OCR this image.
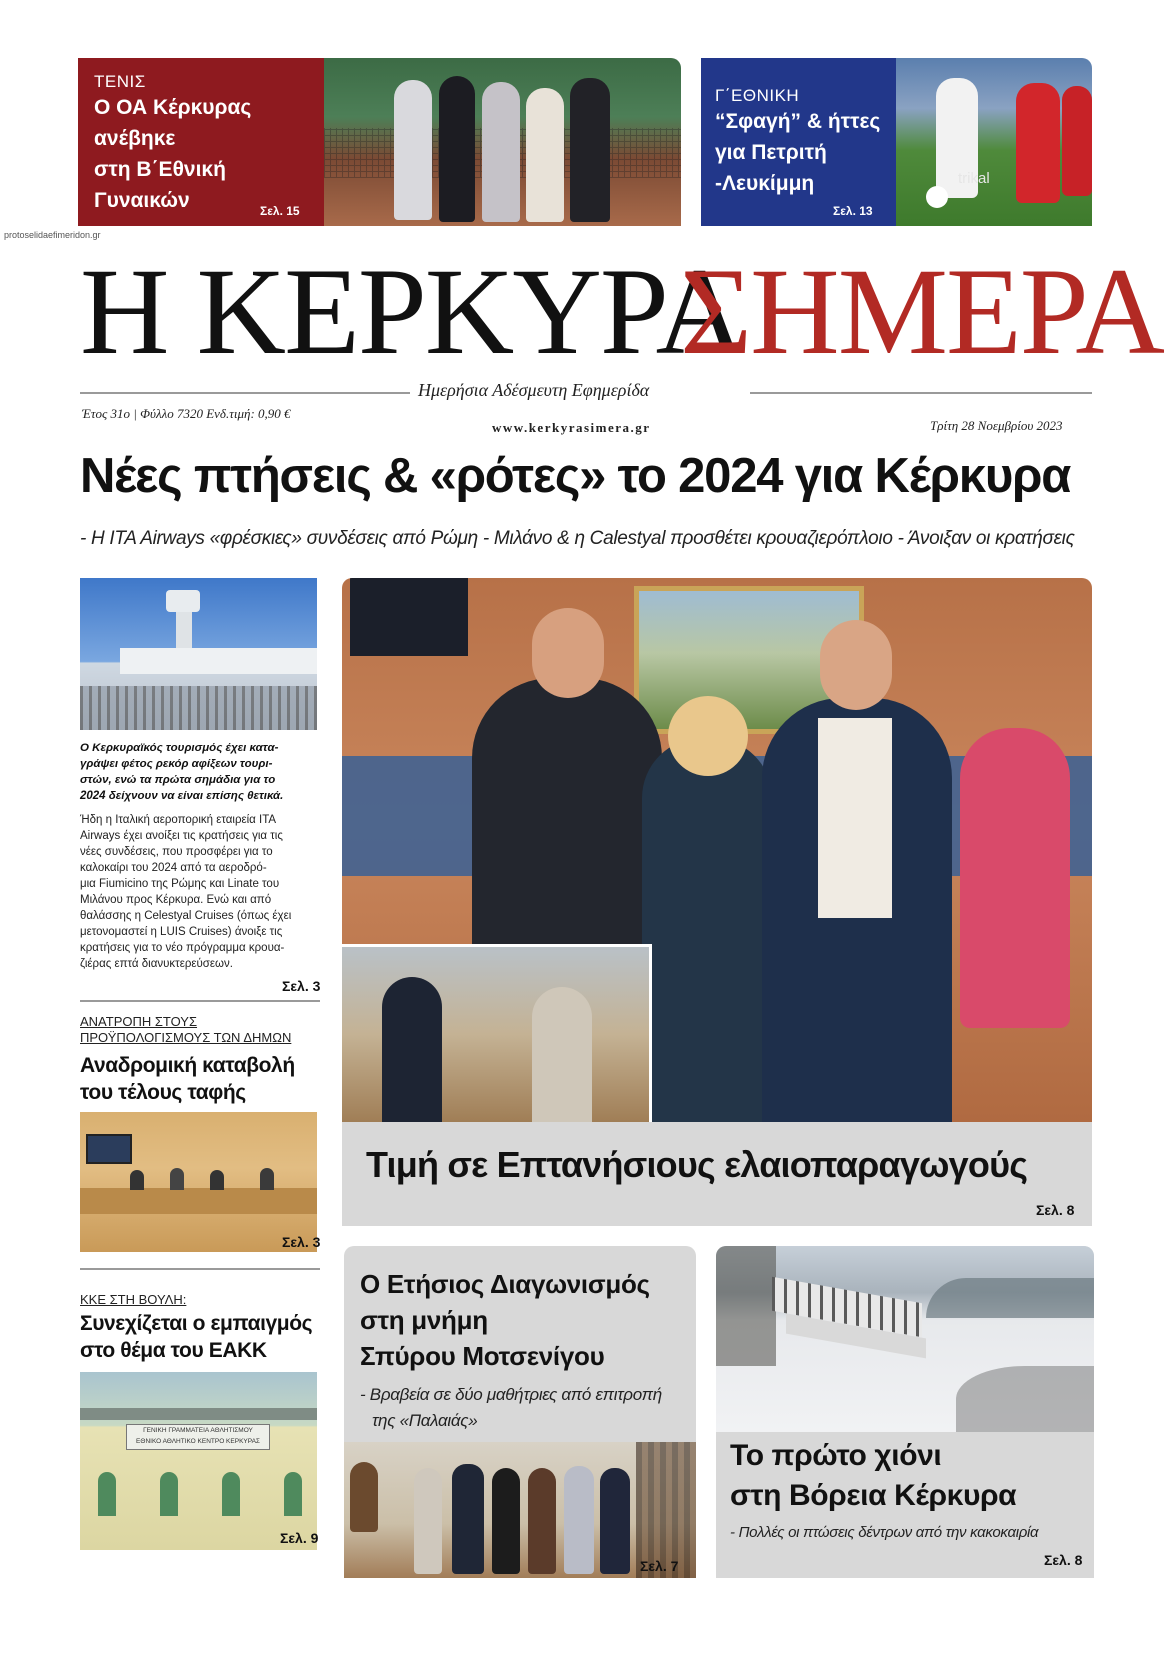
protoselidaefimeridon.gr
ΤΕΝΙΣ
Ο ΟΑ Κέρκυρας
ανέβηκε
στη Β΄Εθνική
Γυναικών	Σελ. 15
Γ΄ΕΘΝΙΚΗ
“Σφαγή” & ήττες
για Πετριτή
-Λευκίμμη
Σελ. 13
trikal
Η ΚΕΡΚΥΡΑ
ΣΗΜΕΡΑ
Ημερήσια Αδέσμευτη Εφημερίδα
Έτος 31ο | Φύλλο 7320 Ενδ.τιμή: 0,90 €
www.kerkyrasimera.gr	Τρίτη 28 Νοεμβρίου 2023
Νέες πτήσεις & «ρότες» το 2024 για Κέρκυρα
- Η ITA Airways «φρέσκιες» συνδέσεις από Ρώμη - Μιλάνο & η Calestyal προσθέτει κρουαζιερόπλοιο - Άνοιξαν οι κρατήσεις
Ο Κερκυραϊκός τουρισμός έχει κατα-
γράψει φέτος ρεκόρ αφίξεων τουρι-
στών, ενώ τα πρώτα σημάδια για το
2024 δείχνουν να είναι επίσης θετικά.
Ήδη η Ιταλική αεροπορική εταιρεία ITA
Airways έχει ανοίξει τις κρατήσεις για τις
νέες συνδέσεις, που προσφέρει για το
καλοκαίρι του 2024 από τα αεροδρό-
μια Fiumicino της Ρώμης και Linate του
Μιλάνου προς Κέρκυρα. Ενώ και από
θαλάσσης η Celestyal Cruises (όπως έχει
μετονομαστεί η LUIS Cruises) άνοιξε τις
κρατήσεις για το νέο πρόγραμμα κρουα-
ζιέρας επτά διανυκτερεύσεων.
Σελ. 3
ΑΝΑΤΡΟΠΗ ΣΤΟΥΣ
ΠΡΟΫΠΟΛΟΓΙΣΜΟΥΣ ΤΩΝ ΔΗΜΩΝ
Αναδρομική καταβολή
του τέλους ταφής
Σελ. 3
ΚΚΕ ΣΤΗ ΒΟΥΛΗ:
Συνεχίζεται ο εμπαιγμός
στο θέμα του ΕΑΚΚ
ΓΕΝΙΚΗ ΓΡΑΜΜΑΤΕΙΑ ΑΘΛΗΤΙΣΜΟΥ
ΕΘΝΙΚΟ ΑΘΛΗΤΙΚΟ ΚΕΝΤΡΟ ΚΕΡΚΥΡΑΣ
Σελ. 9
Τιμή σε Επτανήσιους ελαιοπαραγωγούς
Σελ. 8
Ο Ετήσιος Διαγωνισμός
στη μνήμη
Σπύρου Μοτσενίγου
- Βραβεία σε δύο μαθήτριες από επιτροπή
της «Παλαιάς»
Σελ. 7
Το πρώτο χιόνι
στη Βόρεια Κέρκυρα
- Πολλές οι πτώσεις δέντρων από την κακοκαιρία
Σελ. 8
